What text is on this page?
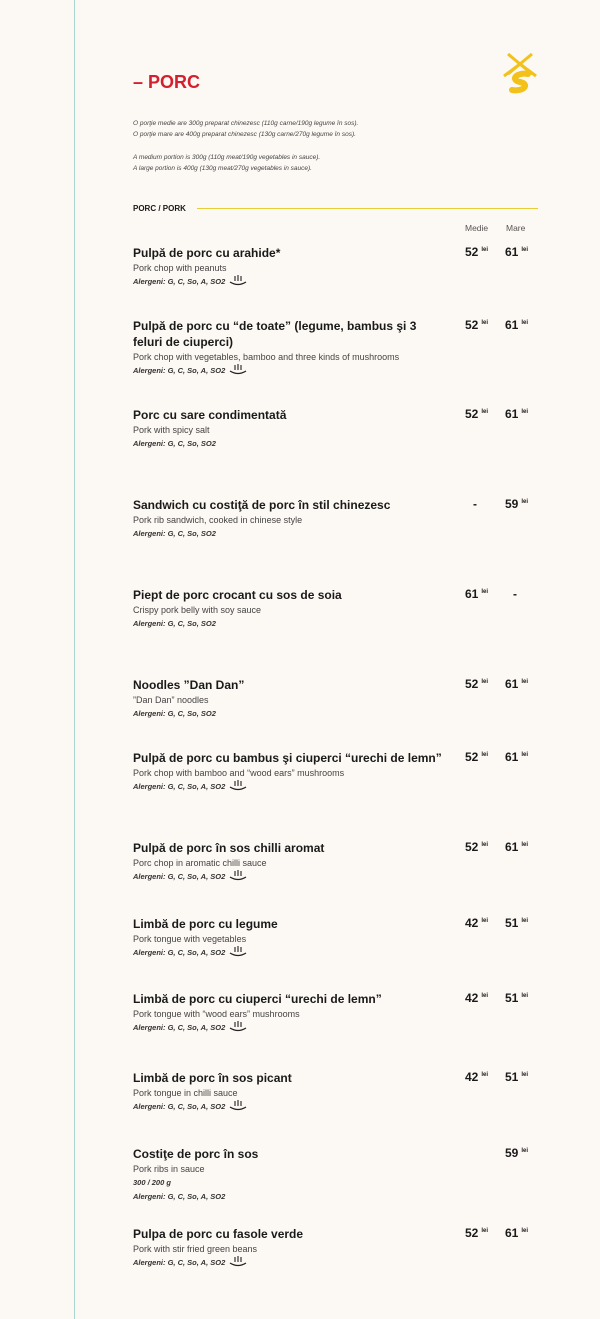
– PORC
O porţie medie are 300g preparat chinezesc (110g carne/190g legume în sos).
O porţie mare are 400g preparat chinezesc (130g carne/270g legume în sos).
A medium portion is 300g (110g meat/190g vegetables in sauce).
A large portion is 400g (130g meat/270g vegetables in sauce).
PORC / PORK
Medie Mare
Pulpă de porc cu arahide*
Pork chop with peanuts
Alergeni: G, C, So, A, SO2
52 $^{lei}$ 61 $^{lei}$
Pulpă de porc cu “de toate” (legume, bambus şi 3 feluri de ciuperci)
Pork chop with vegetables, bamboo and three kinds of mushrooms
Alergeni: G, C, So, A, SO2
52 $^{lei}$ 61 $^{lei}$
Porc cu sare condimentată
Pork with spicy salt
Alergeni: G, C, So, SO2
52 $^{lei}$ 61 $^{lei}$
Sandwich cu costiţă de porc în stil chinezesc
Pork rib sandwich, cooked in chinese style
Alergeni: G, C, So, SO2
- 59 $^{lei}$
Piept de porc crocant cu sos de soia
Crispy pork belly with soy sauce
Alergeni: G, C, So, SO2
61 $^{lei}$ -
Noodles ”Dan Dan”
”Dan Dan” noodles
Alergeni: G, C, So, SO2
52 $^{lei}$ 61 $^{lei}$
Pulpă de porc cu bambus şi ciuperci “urechi de lemn”
Pork chop with bamboo and “wood ears” mushrooms
Alergeni: G, C, So, A, SO2
52 $^{lei}$ 61 $^{lei}$
Pulpă de porc în sos chilli aromat
Porc chop in aromatic chilli sauce
Alergeni: G, C, So, A, SO2
52 $^{lei}$ 61 $^{lei}$
Limbă de porc cu legume
Pork tongue with vegetables
Alergeni: G, C, So, A, SO2
42 $^{lei}$ 51 $^{lei}$
Limbă de porc cu ciuperci “urechi de lemn”
Pork tongue with “wood ears” mushrooms
Alergeni: G, C, So, A, SO2
42 $^{lei}$ 51 $^{lei}$
Limbă de porc în sos picant
Pork tongue in chilli sauce
Alergeni: G, C, So, A, SO2
42 $^{lei}$ 51 $^{lei}$
Costiţe de porc în sos
Pork ribs in sauce
300 / 200 g
Alergeni: G, C, So, A, SO2
59 $^{lei}$
Pulpa de porc cu fasole verde
Pork with stir fried green beans
Alergeni: G, C, So, A, SO2
52 $^{lei}$ 61 $^{lei}$
